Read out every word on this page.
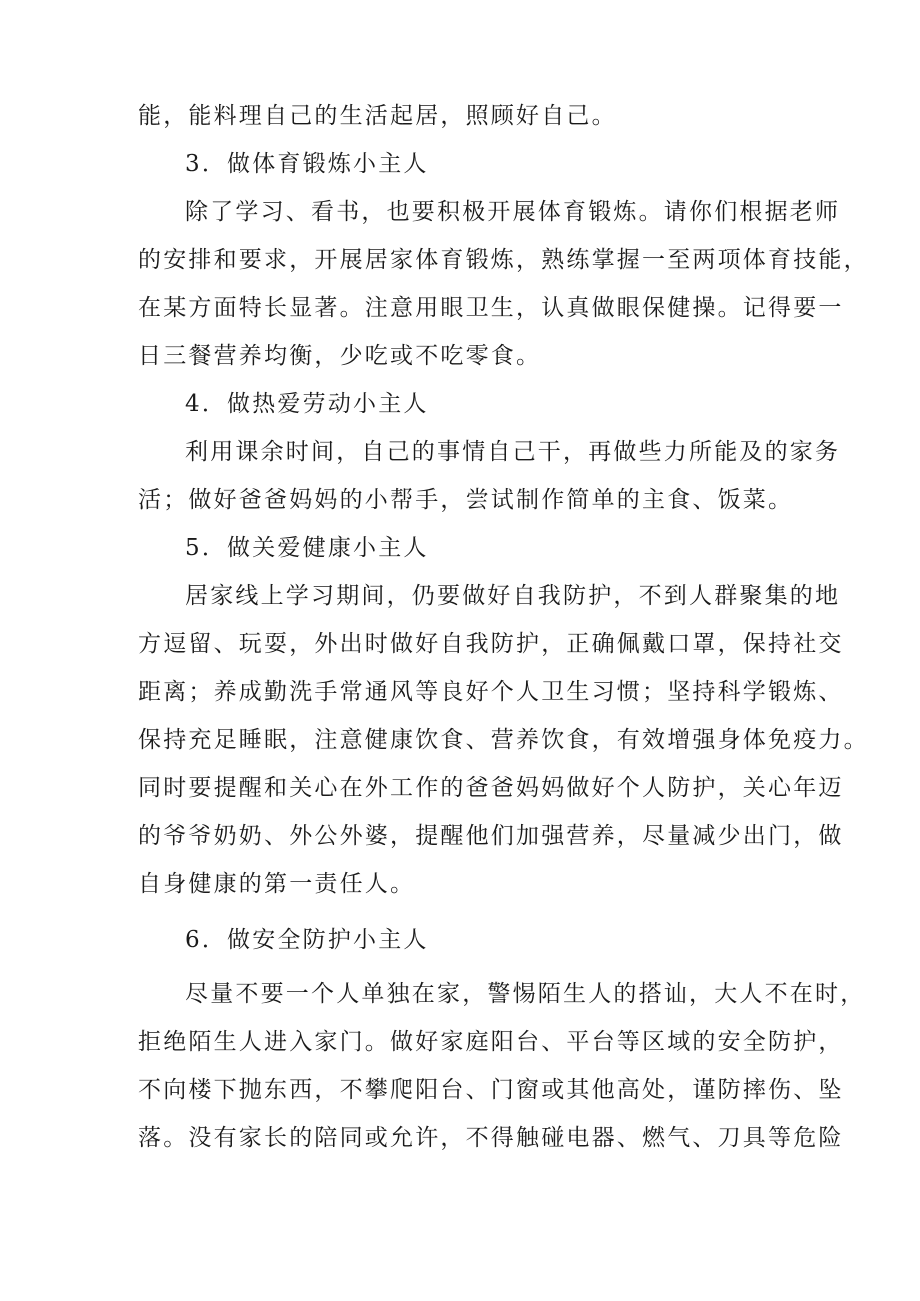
能，能料理自己的生活起居，照顾好自己。
3．做体育锻炼小主人
除了学习、看书，也要积极开展体育锻炼。请你们根据老师
的安排和要求，开展居家体育锻炼，熟练掌握一至两项体育技能，
在某方面特长显著。注意用眼卫生，认真做眼保健操。记得要一
日三餐营养均衡，少吃或不吃零食。
4．做热爱劳动小主人
利用课余时间，自己的事情自己干，再做些力所能及的家务
活；做好爸爸妈妈的小帮手，尝试制作简单的主食、饭菜。
5．做关爱健康小主人
居家线上学习期间，仍要做好自我防护，不到人群聚集的地
方逗留、玩耍，外出时做好自我防护，正确佩戴口罩，保持社交
距离；养成勤洗手常通风等良好个人卫生习惯；坚持科学锻炼、
保持充足睡眠，注意健康饮食、营养饮食，有效增强身体免疫力。
同时要提醒和关心在外工作的爸爸妈妈做好个人防护，关心年迈
的爷爷奶奶、外公外婆，提醒他们加强营养，尽量减少出门，做
自身健康的第一责任人。
6．做安全防护小主人
尽量不要一个人单独在家，警惕陌生人的搭讪，大人不在时，
拒绝陌生人进入家门。做好家庭阳台、平台等区域的安全防护，
不向楼下抛东西，不攀爬阳台、门窗或其他高处，谨防摔伤、坠
落。没有家长的陪同或允许，不得触碰电器、燃气、刀具等危险
